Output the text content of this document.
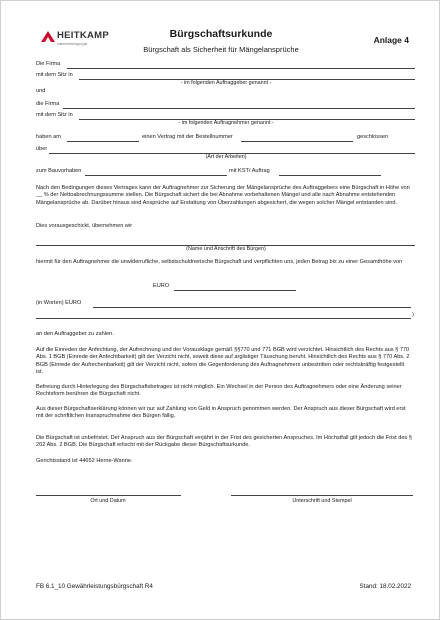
HEITKAMP
unternehmensgruppe
Bürgschaftsurkunde
Bürgschaft als Sicherheit für Mängelansprüche
Anlage 4
Die Firma
mit dem Sitz in
- im folgenden Auftraggeber genannt -
und
die Firma
mit dem Sitz in
- im folgenden Auftragnehmer genannt -
haben am	einen Vertrag mit der Bestellnummer	geschlossen
über
(Art der Arbeiten)
zum Bauvorhaben	mit KST/ Auftrag
Nach den Bedingungen dieses Vertrages kann der Auftragnehmer zur Sicherung der Mängelansprüche des Auftraggebers eine Bürgschaft in Höhe von __ % der Nettoabrechnungssumme stellen. Die Bürgschaft sichert die bei Abnahme vorbehaltenen Mängel und alle nach Abnahme entstehenden Mängelansprüche ab. Darüber hinaus sind Ansprüche auf Erstattung von Überzahlungen abgesichert, die wegen solcher Mängel entstanden sind.
Dies vorausgeschickt, übernehmen wir
(Name und Anschrift des Bürgen)
hiermit für den Auftragnehmer die unwiderrufliche, selbstschuldnerische Bürgschaft und verpflichten uns, jeden Betrag bis zu einer Gesamthöhe von
EURO
(in Worten) EURO
)
an den Auftraggeber zu zahlen.
Auf die Einreden der Anfechtung, der Aufrechnung und der Vorausklage gemäß §§770 und 771 BGB wird verzichtet. Hinsichtlich des Rechts aus § 770 Abs. 1 BGB (Einrede der Anfechtbarkeit) gilt der Verzicht nicht, soweit diese auf arglistiger Täuschung beruht. Hinsichtlich des Rechts aus § 770 Abs. 2 BGB (Einrede der Aufrechenbarkeit) gilt der Verzicht nicht, sofern die Gegenforderung des Auftragnehmers unbestritten oder rechtskräftig festgestellt ist.
Befreiung durch Hinterlegung des Bürgschaftsbetrages ist nicht möglich. Ein Wechsel in der Person des Auftragnehmers oder eine Änderung seiner Rechtsform berühren die Bürgschaft nicht.
Aus dieser Bürgschaftserklärung können wir nur auf Zahlung von Geld in Anspruch genommen werden. Der Anspruch aus dieser Bürgschaft wird erst mit der schriftlichen Inanspruchnahme des Bürgen fällig.
Die Bürgschaft ist unbefristet. Der Anspruch aus der Bürgschaft verjährt in der Frist des gesicherten Anspruches. Im Höchstfall gilt jedoch die Frist des § 202 Abs. 2 BGB. Die Bürgschaft erlischt mit der Rückgabe dieser Bürgschaftsurkunde.
Gerichtsstand ist 44652 Herne-Wanne.
Ort und Datum	Unterschrift und Stempel
FB 6.1_10 Gewährleistungsbürgschaft R4	Stand: 18.02.2022
